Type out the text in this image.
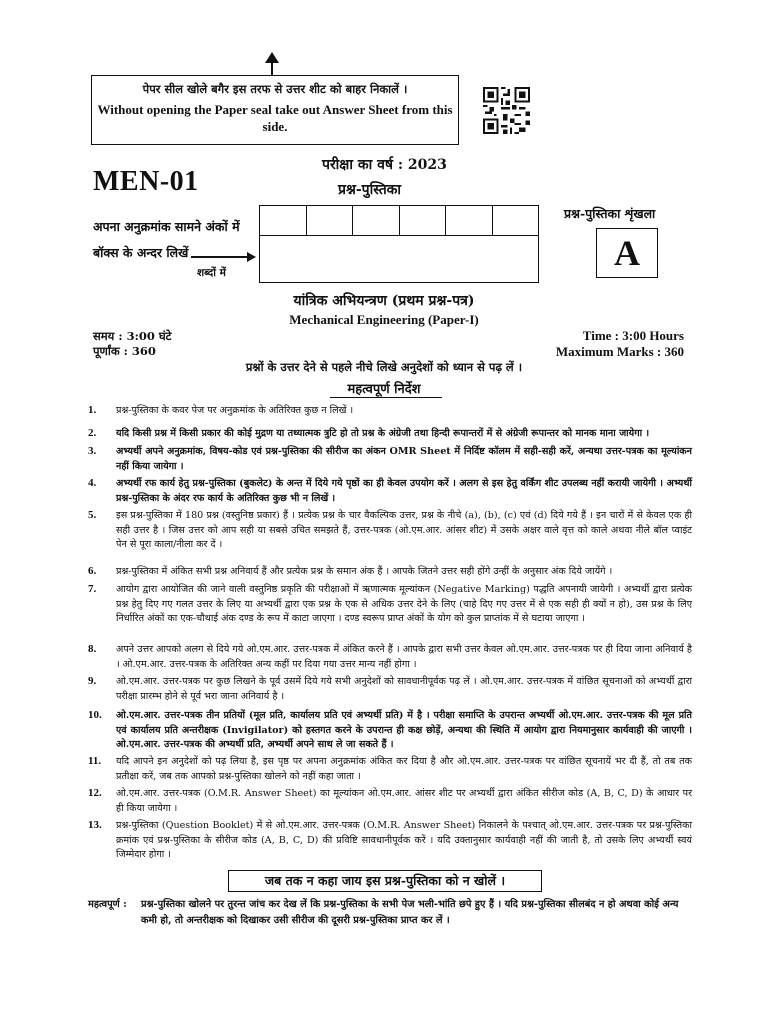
पेपर सील खोले बगैर इस तरफ से उत्तर शीट को बाहर निकालें ।
Without opening the Paper seal take out Answer Sheet from this side.
परीक्षा का वर्ष : 2023
MEN-01	प्रश्न-पुस्तिका
अपना अनुक्रमांक सामने अंकों में बॉक्स के अन्दर लिखें
शब्दों में
प्रश्न-पुस्तिका शृंखला
A
यांत्रिक अभियन्त्रण (प्रथम प्रश्न-पत्र)
Mechanical Engineering (Paper-I)
समय : 3:00 घंटे
पूर्णांक : 360
Time : 3:00 Hours
Maximum Marks : 360
प्रश्नों के उत्तर देने से पहले नीचे लिखे अनुदेशों को ध्यान से पढ़ लें ।
महत्वपूर्ण निर्देश
1. प्रश्न-पुस्तिका के कवर पेज पर अनुक्रमांक के अतिरिक्त कुछ न लिखें ।
2. यदि किसी प्रश्न में किसी प्रकार की कोई मुद्रण या तथ्यात्मक त्रुटि हो तो प्रश्न के अंग्रेजी तथा हिन्दी रूपान्तरों में से अंग्रेजी रूपान्तर को मानक माना जायेगा ।
3. अभ्यर्थी अपने अनुक्रमांक, विषय-कोड एवं प्रश्न-पुस्तिका की सीरीज का अंकन OMR Sheet में निर्दिष्ट कॉलम में सही-सही करें, अन्यथा उत्तर-पत्रक का मूल्यांकन नहीं किया जायेगा ।
4. अभ्यर्थी रफ कार्य हेतु प्रश्न-पुस्तिका (बुकलेट) के अन्त में दिये गये पृष्ठों का ही केवल उपयोग करें । अलग से इस हेतु वर्किंग शीट उपलब्ध नहीं करायी जायेगी । अभ्यर्थी प्रश्न-पुस्तिका के अंदर रफ कार्य के अतिरिक्त कुछ भी न लिखें ।
5. इस प्रश्न-पुस्तिका में 180 प्रश्न (वस्तुनिष्ठ प्रकार) हैं । प्रत्येक प्रश्न के चार वैकल्पिक उत्तर, प्रश्न के नीचे (a), (b), (c) एवं (d) दिये गये हैं । इन चारों में से केवल एक ही सही उत्तर है । जिस उत्तर को आप सही या सबसे उचित समझते हैं, उत्तर-पत्रक (ओ.एम.आर. आंसर शीट) में उसके अक्षर वाले वृत्त को काले अथवा नीले बॉल प्वाइंट पेन से पूरा काला/नीला कर दें ।
6. प्रश्न-पुस्तिका में अंकित सभी प्रश्न अनिवार्य हैं और प्रत्येक प्रश्न के समान अंक हैं । आपके जितने उत्तर सही होंगे उन्हीं के अनुसार अंक दिये जायेंगे ।
7. आयोग द्वारा आयोजित की जाने वाली वस्तुनिष्ठ प्रकृति की परीक्षाओं में ऋणात्मक मूल्यांकन (Negative Marking) पद्धति अपनायी जायेगी । अभ्यर्थी द्वारा प्रत्येक प्रश्न हेतु दिए गए गलत उत्तर के लिए या अभ्यर्थी द्वारा एक प्रश्न के एक से अधिक उत्तर देने के लिए (चाहे दिए गए उत्तर में से एक सही ही क्यों न हो), उस प्रश्न के लिए निर्धारित अंकों का एक-चौथाई अंक दण्ड के रूप में काटा जाएगा । दण्ड स्वरूप प्राप्त अंकों के योग को कुल प्राप्तांक में से घटाया जाएगा ।
8. अपने उत्तर आपको अलग से दिये गये ओ.एम.आर. उत्तर-पत्रक में अंकित करने हैं । आपके द्वारा सभी उत्तर केवल ओ.एम.आर. उत्तर-पत्रक पर ही दिया जाना अनिवार्य है । ओ.एम.आर. उत्तर-पत्रक के अतिरिक्त अन्य कहीं पर दिया गया उत्तर मान्य नहीं होगा ।
9. ओ.एम.आर. उत्तर-पत्रक पर कुछ लिखने के पूर्व उसमें दिये गये सभी अनुदेशों को सावधानीपूर्वक पढ़ लें । ओ.एम.आर. उत्तर-पत्रक में वांछित सूचनाओं को अभ्यर्थी द्वारा परीक्षा प्रारम्भ होने से पूर्व भरा जाना अनिवार्य है ।
10. ओ.एम.आर. उत्तर-पत्रक तीन प्रतियों (मूल प्रति, कार्यालय प्रति एवं अभ्यर्थी प्रति) में है । परीक्षा समाप्ति के उपरान्त अभ्यर्थी ओ.एम.आर. उत्तर-पत्रक की मूल प्रति एवं कार्यालय प्रति अन्तरीक्षक (Invigilator) को हस्तगत करने के उपरान्त ही कक्ष छोड़ें, अन्यथा की स्थिति में आयोग द्वारा नियमानुसार कार्यवाही की जाएगी । ओ.एम.आर. उत्तर-पत्रक की अभ्यर्थी प्रति, अभ्यर्थी अपने साथ ले जा सकते हैं ।
11. यदि आपने इन अनुदेशों को पढ़ लिया है, इस पृष्ठ पर अपना अनुक्रमांक अंकित कर दिया है और ओ.एम.आर. उत्तर-पत्रक पर वांछित सूचनायें भर दी हैं, तो तब तक प्रतीक्षा करें, जब तक आपको प्रश्न-पुस्तिका खोलने को नहीं कहा जाता ।
12. ओ.एम.आर. उत्तर-पत्रक (O.M.R. Answer Sheet) का मूल्यांकन ओ.एम.आर. आंसर शीट पर अभ्यर्थी द्वारा अंकित सीरीज कोड (A, B, C, D) के आधार पर ही किया जायेगा ।
13. प्रश्न-पुस्तिका (Question Booklet) में से ओ.एम.आर. उत्तर-पत्रक (O.M.R. Answer Sheet) निकालने के पश्चात् ओ.एम.आर. उत्तर-पत्रक पर प्रश्न-पुस्तिका क्रमांक एवं प्रश्न-पुस्तिका के सीरीज कोड (A, B, C, D) की प्रविष्टि सावधानीपूर्वक करें । यदि उक्तानुसार कार्यवाही नहीं की जाती है, तो उसके लिए अभ्यर्थी स्वयं जिम्मेदार होगा ।
जब तक न कहा जाय इस प्रश्न-पुस्तिका को न खोलें ।
महत्वपूर्ण : प्रश्न-पुस्तिका खोलने पर तुरन्त जांच कर देख लें कि प्रश्न-पुस्तिका के सभी पेज भली-भांति छपे हुए हैं । यदि प्रश्न-पुस्तिका सीलबंद न हो अथवा कोई अन्य कमी हो, तो अन्तरीक्षक को दिखाकर उसी सीरीज की दूसरी प्रश्न-पुस्तिका प्राप्त कर लें ।
